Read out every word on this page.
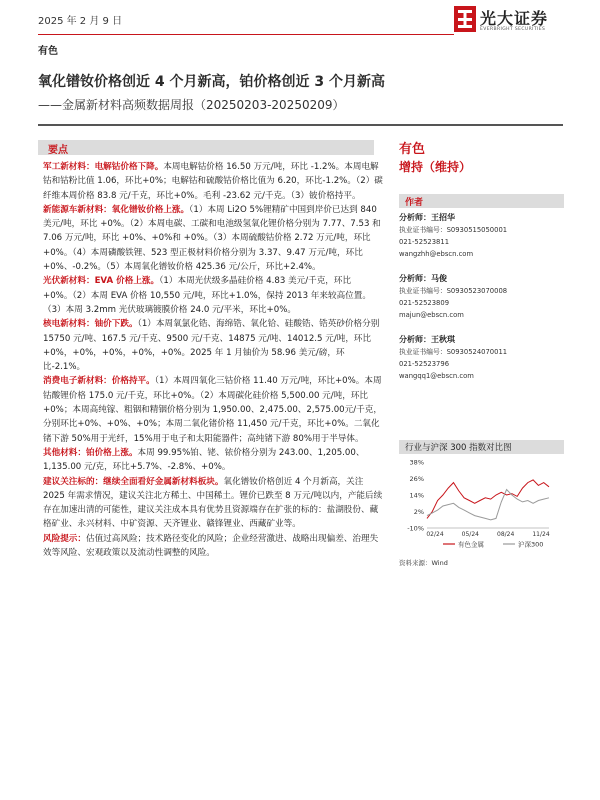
2025 年 2 月 9 日	光大证券
EVERBRIGHT SECURITIES
有色
氧化镨钕价格创近 4 个月新高，铂价格创近 3 个月新高
——金属新材料高频数据周报（20250203-20250209）
要点

军工新材料：电解钴价格下降。本周电解钴价格 16.50 万元/吨，环比 -1.2%。本周电解钴和钴粉比值 1.06，环比+0%；电解钴和硫酸钴价格比值为 6.20，环比-1.2%。（2）碳纤维本周价格 83.8 元/千克，环比+0%。毛利 -23.62 元/千克。（3）铍价格持平。

新能源车新材料：氧化镨钕价格上涨。（1）本周 Li2O 5%锂精矿中国到岸价已达到 840 美元/吨，环比 +0%。（2）本周电碳、工碳和电池级氢氧化锂价格分别为 7.77、7.53 和 7.06 万元/吨，环比 +0%、+0%和 +0%。（3）本周硫酸钴价格 2.72 万元/吨，环比+0%。（4）本周磷酸铁锂、523 型正极材料价格分别为 3.37、9.47 万元/吨，环比+0%、-0.2%。（5）本周氧化镨钕价格 425.36 元/公斤，环比+2.4%。

光伏新材料：EVA 价格上涨。（1）本周光伏级多晶硅价格 4.83 美元/千克，环比 +0%。（2）本周 EVA 价格 10,550 元/吨，环比+1.0%，保持 2013 年来较高位置。（3）本周 3.2mm 光伏玻璃镀膜价格 24.0 元/平米，环比+0%。

核电新材料：铀价下跌。（1）本周氧氯化锆、海绵锆、氧化铪、硅酸锆、锆英砂价格分别 15750 元/吨、167.5 元/千克、9500 元/千克、14875 元/吨、14012.5 元/吨，环比+0%，+0%，+0%，+0%，+0%。2025 年 1 月铀价为 58.96 美元/磅，环比-2.1%。

消费电子新材料：价格持平。（1）本周四氧化三钴价格 11.40 万元/吨，环比+0%。本周钴酸锂价格 175.0 元/千克，环比+0%。（2）本周碳化硅价格 5,500.00 元/吨，环比 +0%；本周高纯镓、粗铟和精铟价格分别为 1,950.00、2,475.00、2,575.00元/千克，分别环比+0%、+0%、+0%；本周二氧化锗价格 11,450 元/千克，环比+0%。二氧化锗下游 50%用于光纤，15%用于电子和太阳能器件；高纯锗下游 80%用于半导体。

其他材料：铂价格上涨。本周 99.95%铂、铑、铱价格分别为 243.00、1,205.00、1,135.00 元/克，环比+5.7%、-2.8%、+0%。

建议关注标的：继续全面看好金属新材料板块。氧化镨钕价格创近 4 个月新高，关注 2025 年需求情况，建议关注北方稀土、中国稀土。锂价已跌至 8 万元/吨以内，产能后续存在加速出清的可能性，建议关注成本具有优势且资源端存在扩张的标的：盐湖股份、藏格矿业、永兴材料、中矿资源、天齐锂业、赣锋锂业、西藏矿业等。

风险提示：估值过高风险；技术路径变化的风险；企业经营激进、战略出现偏差、治理失效等风险、宏观政策以及流动性调整的风险。

有色
增持（维持）
作者
分析师：王招华
执业证书编号：S0930515050001
021-52523811
wangzhh@ebscn.com
分析师：马俊
执业证书编号：S0930523070008
021-52523809
majun@ebscn.com
分析师：王秋琪
执业证书编号：S0930524070011
021-52523796
wangqq1@ebscn.com
行业与沪深 300 指数对比图
38%
26%
14%
2%
-10%
02/24	05/24	08/24	11/24
有色金属	沪深300
资料来源：Wind
